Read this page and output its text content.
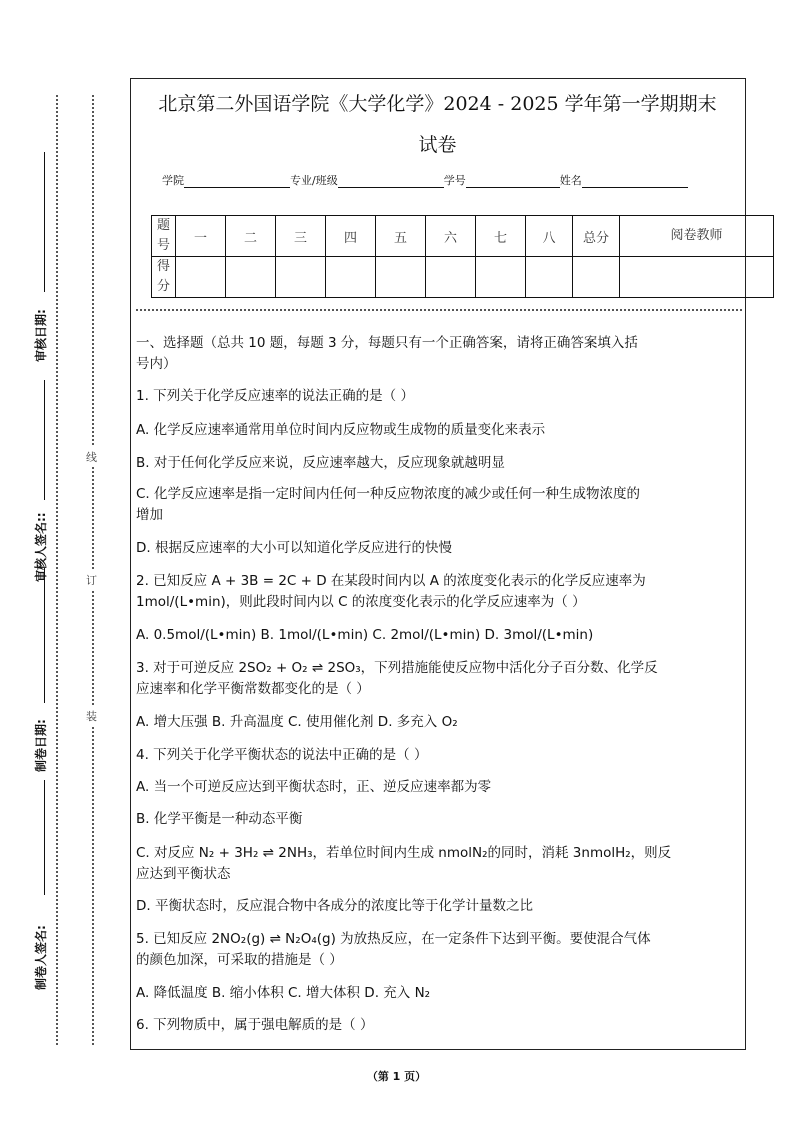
审核日期:
审核人签名::
制卷日期:
制卷人签名:
装
订
线
北京第二外国语学院《大学化学》2024 - 2025 学年第一学期期末
试卷
学院	专业/班级	学号	姓名
题号	一	二	三	四	五	六	七	八	总分	阅卷教师
得分										
一、选择题（总共 10 题，每题 3 分，每题只有一个正确答案，请将正确答案填入括
号内）
1. 下列关于化学反应速率的说法正确的是（ ）
A. 化学反应速率通常用单位时间内反应物或生成物的质量变化来表示
B. 对于任何化学反应来说，反应速率越大，反应现象就越明显
C. 化学反应速率是指一定时间内任何一种反应物浓度的减少或任何一种生成物浓度的
增加
D. 根据反应速率的大小可以知道化学反应进行的快慢
2. 已知反应 A + 3B = 2C + D 在某段时间内以 A 的浓度变化表示的化学反应速率为
1mol/(L•min)，则此段时间内以 C 的浓度变化表示的化学反应速率为（ ）
A. 0.5mol/(L•min) B. 1mol/(L•min) C. 2mol/(L•min) D. 3mol/(L•min)
3. 对于可逆反应 2SO₂ + O₂ ⇌ 2SO₃，下列措施能使反应物中活化分子百分数、化学反
应速率和化学平衡常数都变化的是（ ）
A. 增大压强 B. 升高温度 C. 使用催化剂 D. 多充入 O₂
4. 下列关于化学平衡状态的说法中正确的是（ ）
A. 当一个可逆反应达到平衡状态时，正、逆反应速率都为零
B. 化学平衡是一种动态平衡
C. 对反应 N₂ + 3H₂ ⇌ 2NH₃，若单位时间内生成 nmolN₂的同时，消耗 3nmolH₂，则反
应达到平衡状态
D. 平衡状态时，反应混合物中各成分的浓度比等于化学计量数之比
5. 已知反应 2NO₂(g) ⇌ N₂O₄(g) 为放热反应，在一定条件下达到平衡。要使混合气体
的颜色加深，可采取的措施是（ ）
A. 降低温度 B. 缩小体积 C. 增大体积 D. 充入 N₂
6. 下列物质中，属于强电解质的是（ ）
（第 1 页）
